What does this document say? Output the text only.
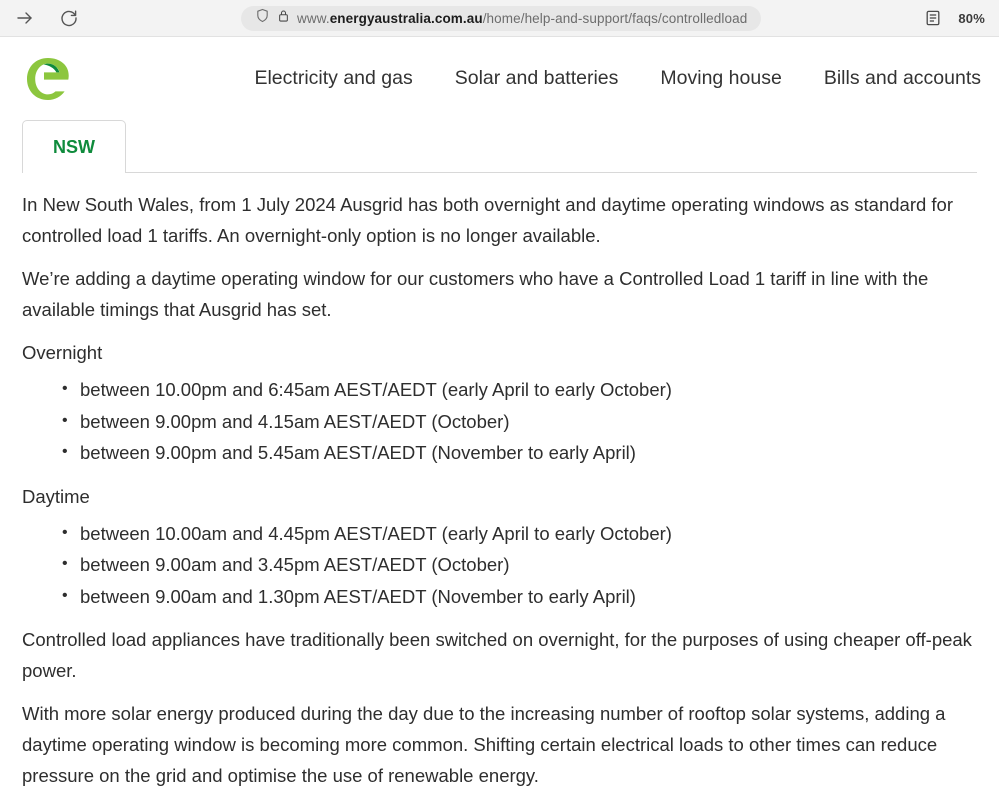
www.energyaustralia.com.au/home/help-and-support/faqs/controlledload	80%
Electricity and gas Solar and batteries Moving house Bills and accounts
NSW

In New South Wales, from 1 July 2024 Ausgrid has both overnight and daytime operating windows as standard for controlled load 1 tariffs. An overnight-only option is no longer available.

We’re adding a daytime operating window for our customers who have a Controlled Load 1 tariff in line with the available timings that Ausgrid has set.

Overnight
• between 10.00pm and 6:45am AEST/AEDT (early April to early October)
• between 9.00pm and 4.15am AEST/AEDT (October)
• between 9.00pm and 5.45am AEST/AEDT (November to early April)
Daytime
• between 10.00am and 4.45pm AEST/AEDT (early April to early October)
• between 9.00am and 3.45pm AEST/AEDT (October)
• between 9.00am and 1.30pm AEST/AEDT (November to early April)

Controlled load appliances have traditionally been switched on overnight, for the purposes of using cheaper off-peak power.

With more solar energy produced during the day due to the increasing number of rooftop solar systems, adding a daytime operating window is becoming more common. Shifting certain electrical loads to other times can reduce pressure on the grid and optimise the use of renewable energy.
